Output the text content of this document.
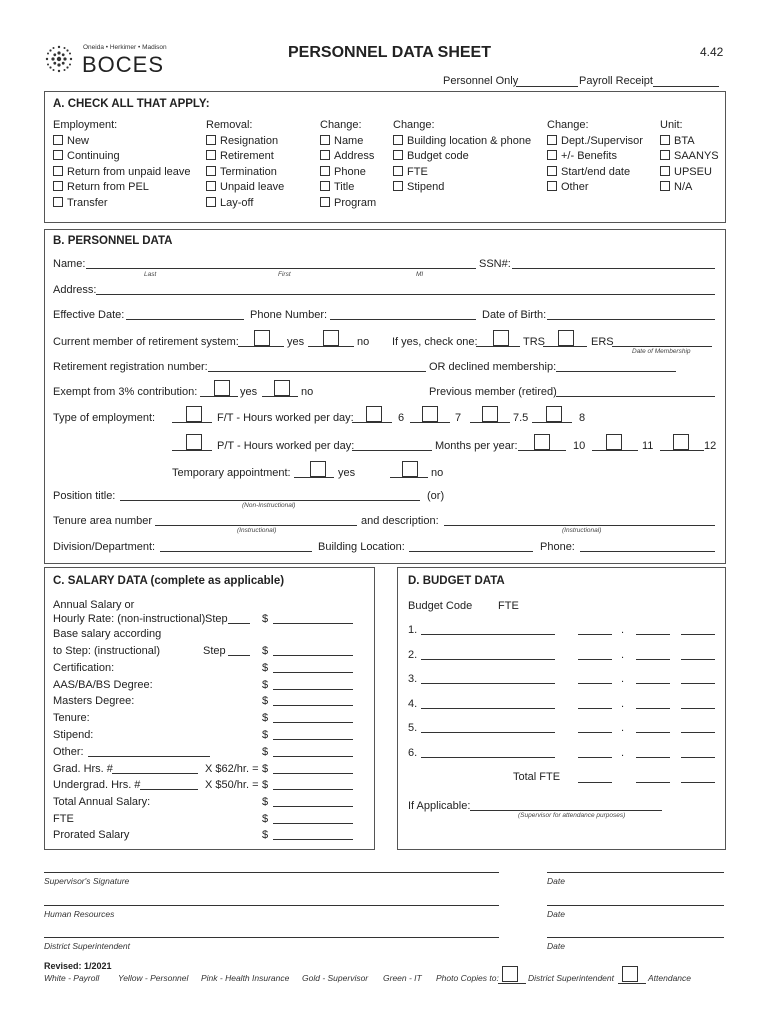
Oneida • Herkimer • Madison
BOCES	PERSONNEL DATA SHEET	4.42
Personnel Only	Payroll Receipt
A. CHECK ALL THAT APPLY:
Employment:
New
Continuing
Return from unpaid leave
Return from PEL
Transfer
Removal:
Resignation
Retirement
Termination
Unpaid leave
Lay-off
Change:
Name
Address
Phone
Title
Program
Change:
Building location & phone
Budget code
FTE
Stipend
Change:
Dept./Supervisor
+/- Benefits
Start/end date
Other
Unit:
BTA
SAANYS
UPSEU
N/A
B. PERSONNEL DATA
Name:
Last	First	MI
SSN#:
Address:
Effective Date:	Phone Number:	Date of Birth:
Current member of retirement system:	yes	no If yes, check one:	TRS	ERS
Date of Membership
Retirement registration number:	OR declined membership:
Exempt from 3% contribution:	yes	no	Previous member (retired)
Type of employment:	F/T - Hours worked per day:	6	7	7.5	8
P/T - Hours worked per day:	Months per year:	10	11	12
Temporary appointment:	yes	no
Position title:
(Non-Instructional)
(or)
Tenure area number
(Instructional)
and description:
(Instructional)
Division/Department:	Building Location:	Phone:
C. SALARY DATA (complete as applicable)
Annual Salary or
Hourly Rate: (non-instructional) Step	$
Base salary according
to Step: (instructional)	Step	$
Certification:	$
AAS/BA/BS Degree:	$
Masters Degree:	$
Tenure:	$
Stipend:	$
Other:	$
Grad. Hrs. #	X $62/hr. = $
Undergrad. Hrs. #	X $50/hr. = $
Total Annual Salary:	$
FTE	$
Prorated Salary	$
D. BUDGET DATA
Budget Code FTE
1.	.
2.	.
3.	.
4.	.
5.	.
6.	.
Total FTE
If Applicable:
(Supervisor for attendance purposes)
Supervisor's Signature	Date
Human Resources	Date
District Superintendent	Date
Revised: 1/2021
White - Payroll Yellow - Personnel Pink - Health Insurance Gold - Supervisor Green - IT Photo Copies to:	District Superintendent	Attendance
